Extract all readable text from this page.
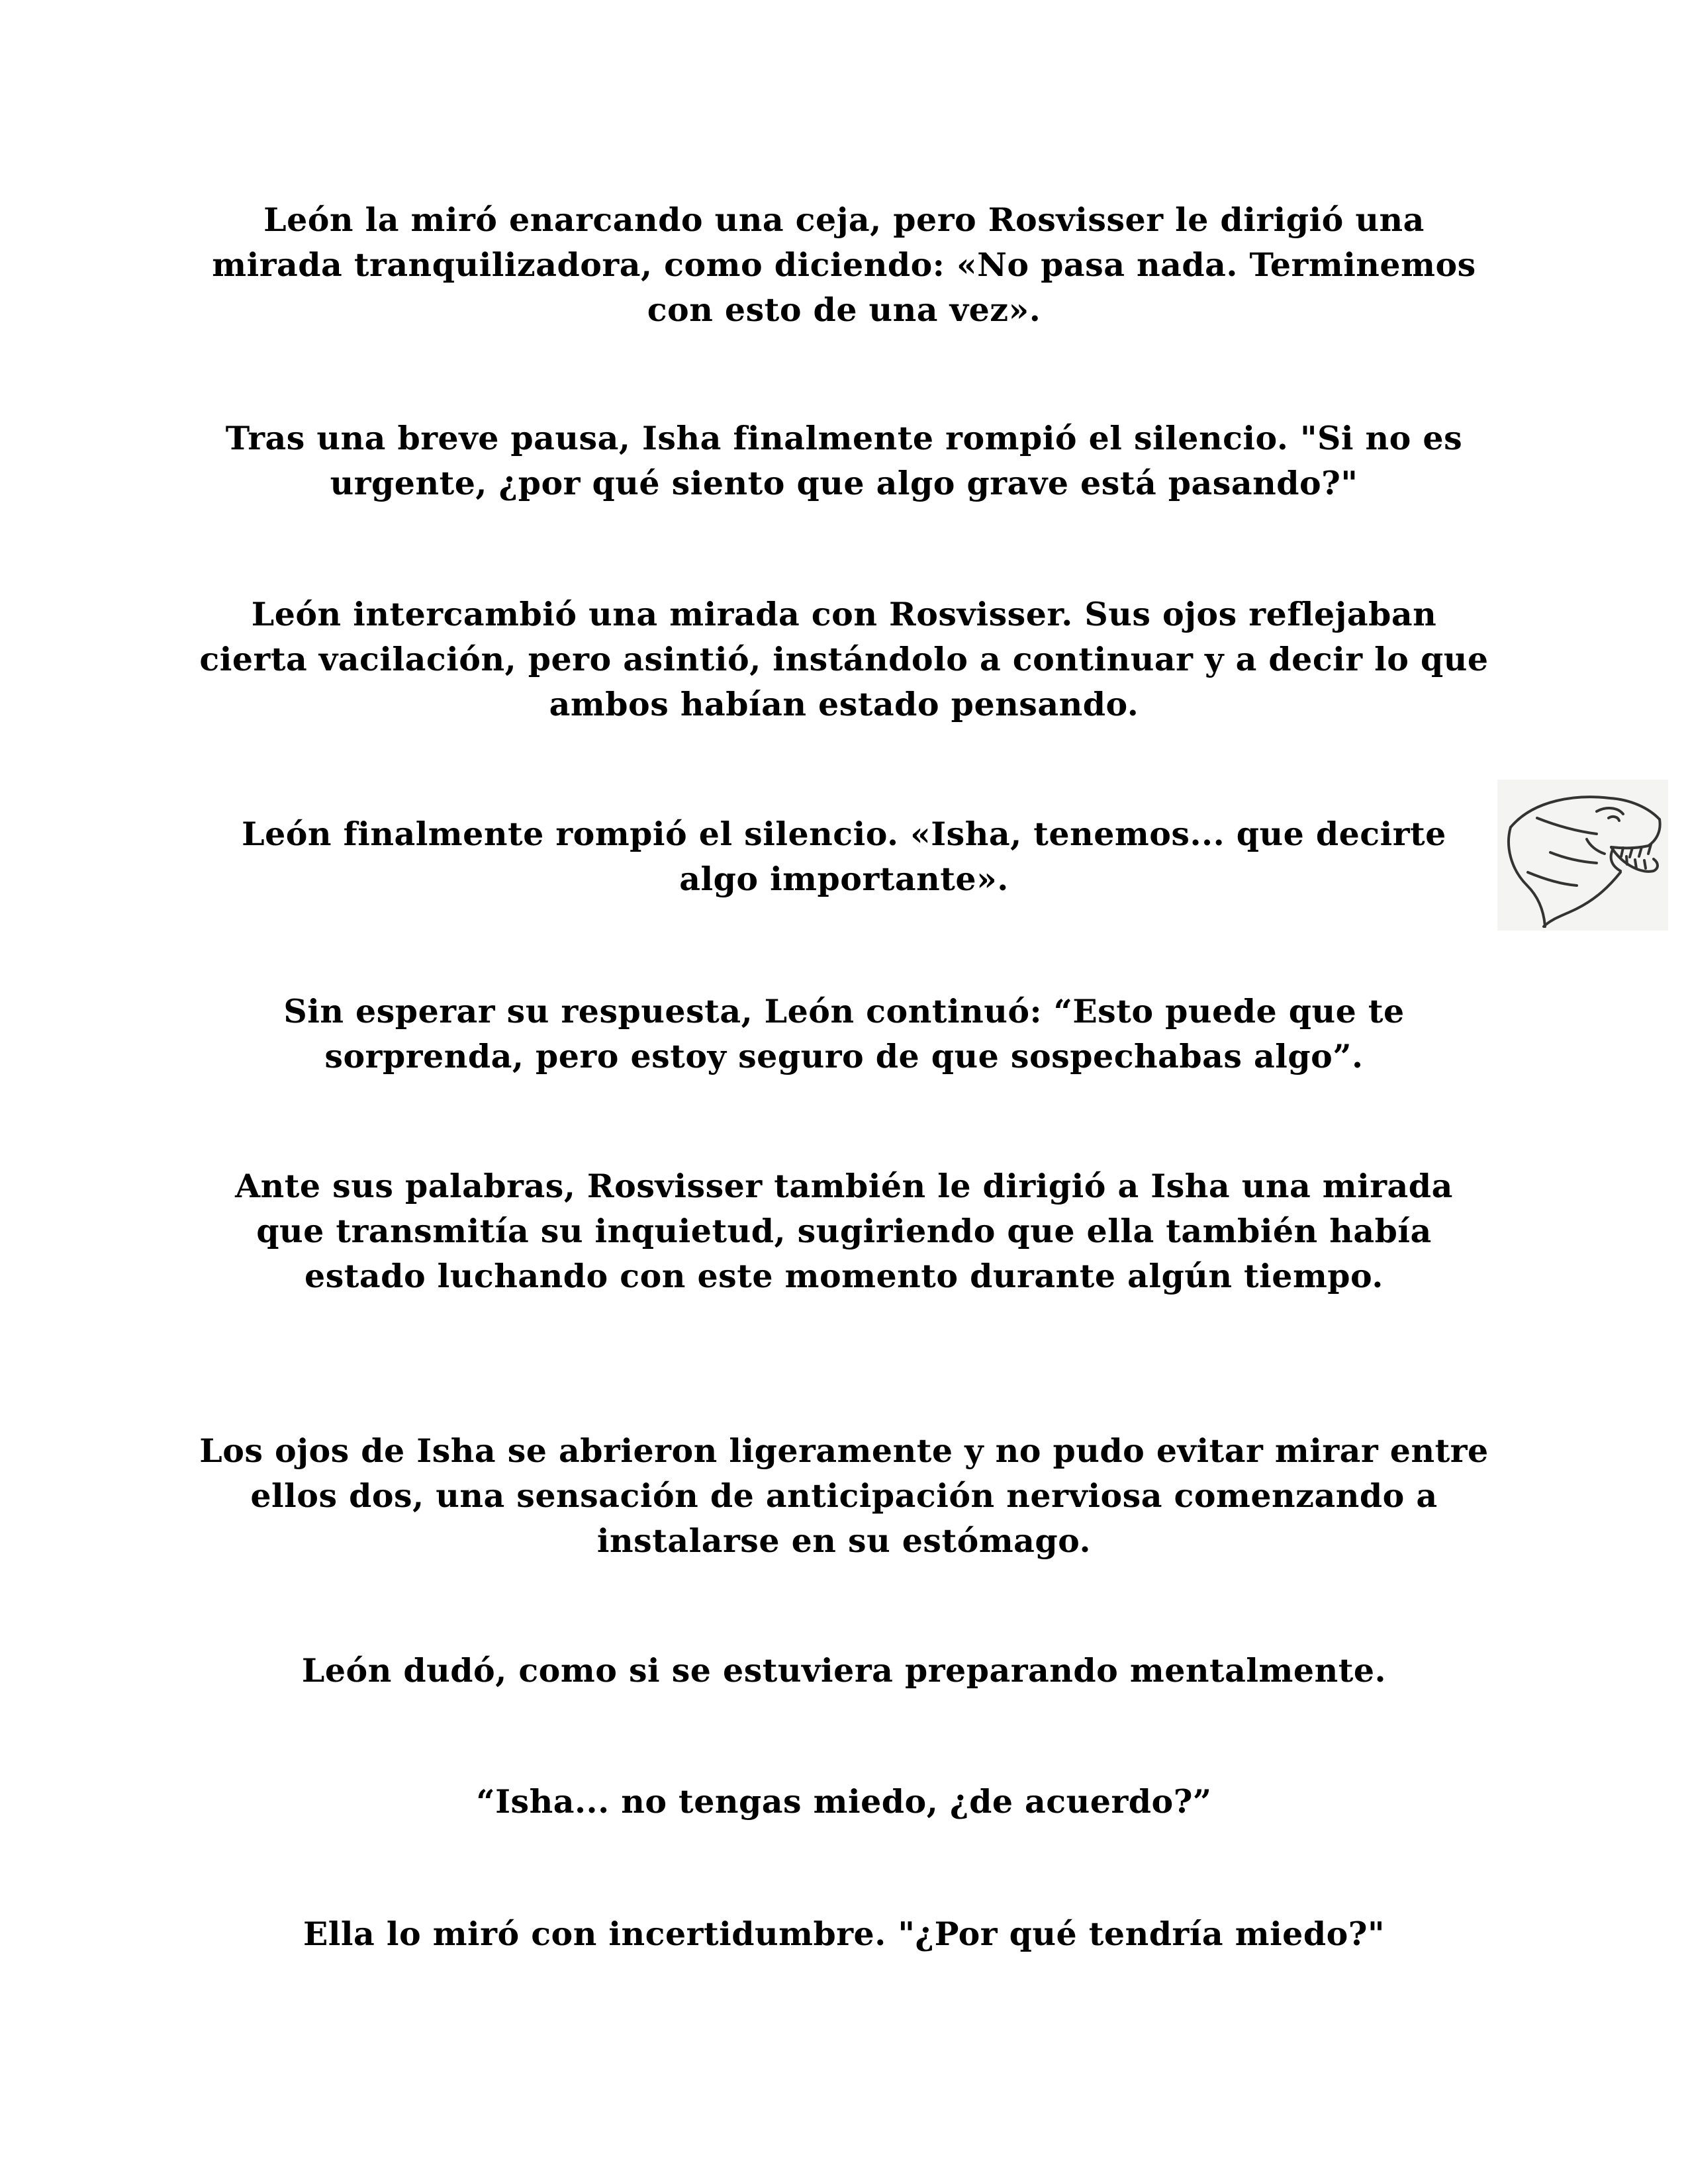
León la miró enarcando una ceja, pero Rosvisser le dirigió una mirada tranquilizadora, como diciendo: «No pasa nada. Terminemos con esto de una vez».

Tras una breve pausa, Isha finalmente rompió el silencio. "Si no es urgente, ¿por qué siento que algo grave está pasando?"

León intercambió una mirada con Rosvisser. Sus ojos reflejaban cierta vacilación, pero asintió, instándolo a continuar y a decir lo que ambos habían estado pensando.

León finalmente rompió el silencio. «Isha, tenemos... que decirte algo importante».

Sin esperar su respuesta, León continuó: “Esto puede que te sorprenda, pero estoy seguro de que sospechabas algo”.

Ante sus palabras, Rosvisser también le dirigió a Isha una mirada que transmitía su inquietud, sugiriendo que ella también había estado luchando con este momento durante algún tiempo.

Los ojos de Isha se abrieron ligeramente y no pudo evitar mirar entre ellos dos, una sensación de anticipación nerviosa comenzando a instalarse en su estómago.

León dudó, como si se estuviera preparando mentalmente.

“Isha... no tengas miedo, ¿de acuerdo?”

Ella lo miró con incertidumbre. "¿Por qué tendría miedo?"
